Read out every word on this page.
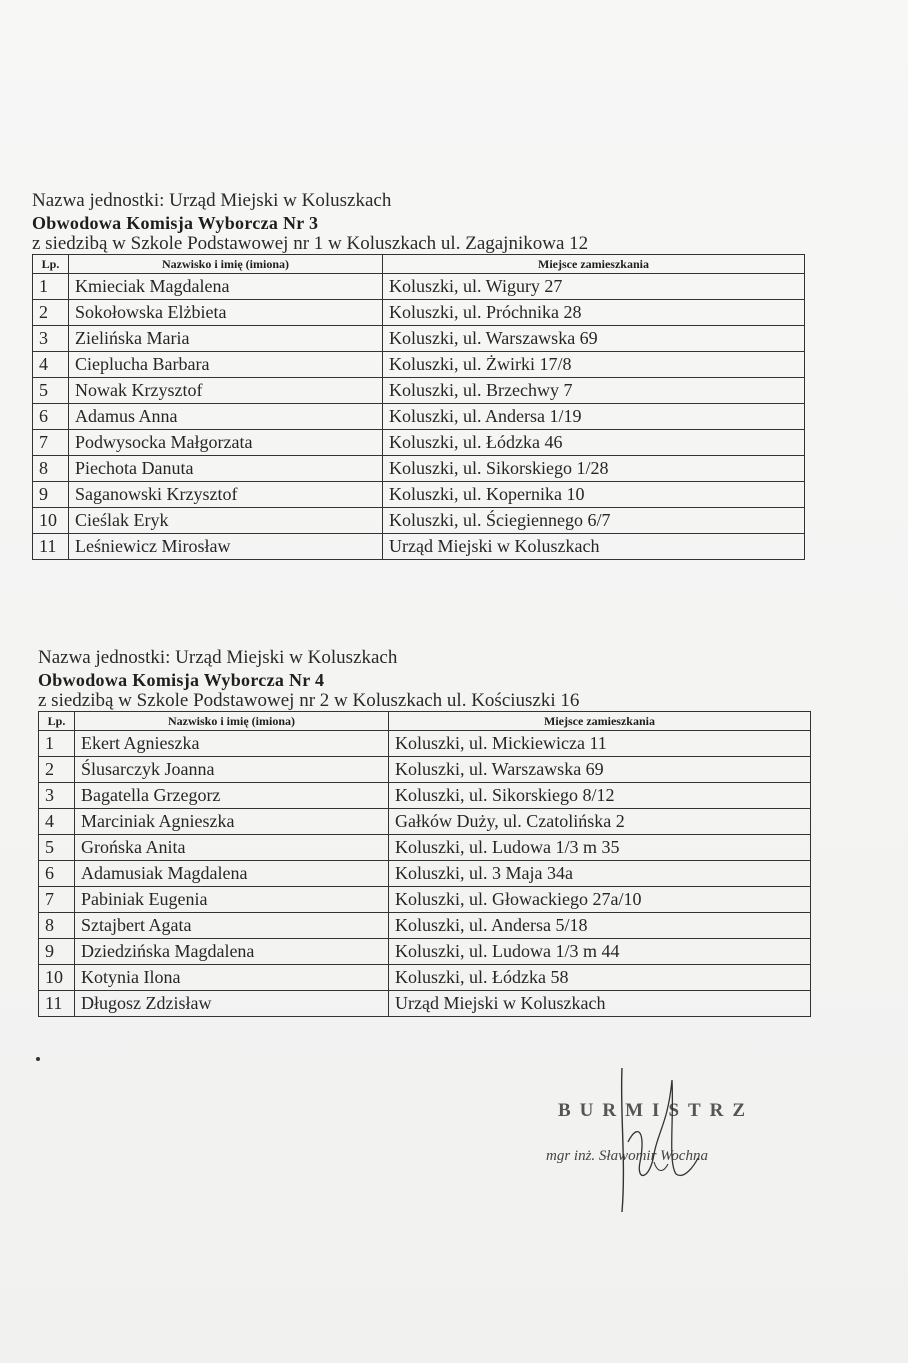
Nazwa jednostki: Urząd Miejski w Koluszkach
Obwodowa Komisja Wyborcza Nr 3
z siedzibą w Szkole Podstawowej nr 1 w Koluszkach ul. Zagajnikowa 12
Lp.	Nazwisko i imię (imiona)	Miejsce zamieszkania
1	Kmieciak Magdalena	Koluszki, ul. Wigury 27
2	Sokołowska Elżbieta	Koluszki, ul. Próchnika 28
3	Zielińska Maria	Koluszki, ul. Warszawska 69
4	Cieplucha Barbara	Koluszki, ul. Żwirki 17/8
5	Nowak Krzysztof	Koluszki, ul. Brzechwy 7
6	Adamus Anna	Koluszki, ul. Andersa 1/19
7	Podwysocka Małgorzata	Koluszki, ul. Łódzka 46
8	Piechota Danuta	Koluszki, ul. Sikorskiego 1/28
9	Saganowski Krzysztof	Koluszki, ul. Kopernika 10
10	Cieślak Eryk	Koluszki, ul. Ściegiennego 6/7
11	Leśniewicz Mirosław	Urząd Miejski w Koluszkach
Nazwa jednostki: Urząd Miejski w Koluszkach
Obwodowa Komisja Wyborcza Nr 4
z siedzibą w Szkole Podstawowej nr 2 w Koluszkach ul. Kościuszki 16
Lp.	Nazwisko i imię (imiona)	Miejsce zamieszkania
1	Ekert Agnieszka	Koluszki, ul. Mickiewicza 11
2	Ślusarczyk Joanna	Koluszki, ul. Warszawska 69
3	Bagatella Grzegorz	Koluszki, ul. Sikorskiego 8/12
4	Marciniak Agnieszka	Gałków Duży, ul. Czatolińska 2
5	Grońska Anita	Koluszki, ul. Ludowa 1/3 m 35
6	Adamusiak Magdalena	Koluszki, ul. 3 Maja 34a
7	Pabiniak Eugenia	Koluszki, ul. Głowackiego 27a/10
8	Sztajbert Agata	Koluszki, ul. Andersa 5/18
9	Dziedzińska Magdalena	Koluszki, ul. Ludowa 1/3 m 44
10	Kotynia Ilona	Koluszki, ul. Łódzka 58
11	Długosz Zdzisław	Urząd Miejski w Koluszkach
BURMISTRZ
mgr inż. Sławomir Wochna
